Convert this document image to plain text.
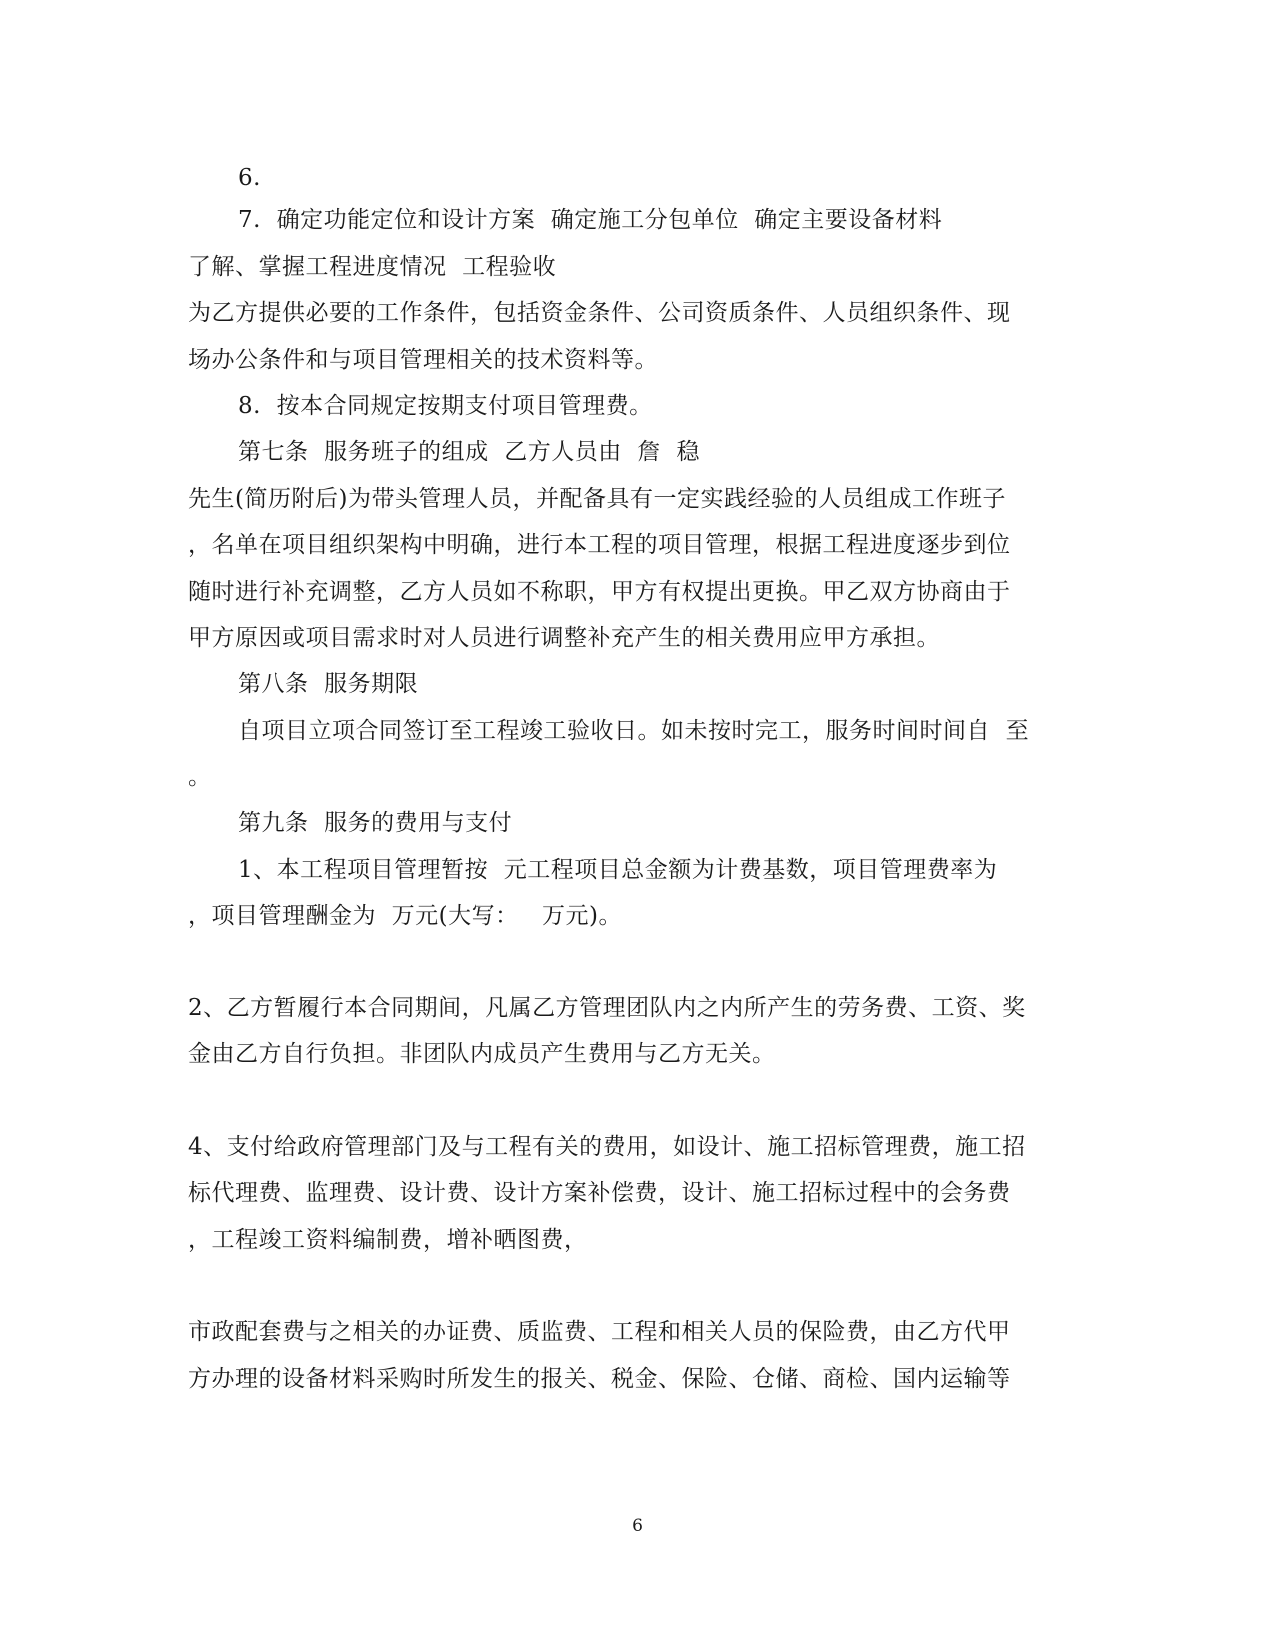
6.
7.  确定功能定位和设计方案  确定施工分包单位  确定主要设备材料
了解、掌握工程进度情况  工程验收
为乙方提供必要的工作条件，包括资金条件、公司资质条件、人员组织条件、现
场办公条件和与项目管理相关的技术资料等。
8.  按本合同规定按期支付项目管理费。
第七条  服务班子的组成  乙方人员由  詹  稳
先生(简历附后)为带头管理人员，并配备具有一定实践经验的人员组成工作班子
，名单在项目组织架构中明确，进行本工程的项目管理，根据工程进度逐步到位
随时进行补充调整，乙方人员如不称职，甲方有权提出更换。甲乙双方协商由于
甲方原因或项目需求时对人员进行调整补充产生的相关费用应甲方承担。
第八条  服务期限
自项目立项合同签订至工程竣工验收日。如未按时完工，服务时间时间自  至
。
第九条  服务的费用与支付
1、本工程项目管理暂按  元工程项目总金额为计费基数，项目管理费率为
，项目管理酬金为  万元(大写：   万元)。
2、乙方暂履行本合同期间，凡属乙方管理团队内之内所产生的劳务费、工资、奖
金由乙方自行负担。非团队内成员产生费用与乙方无关。
4、支付给政府管理部门及与工程有关的费用，如设计、施工招标管理费，施工招
标代理费、监理费、设计费、设计方案补偿费，设计、施工招标过程中的会务费
，工程竣工资料编制费，增补晒图费，
市政配套费与之相关的办证费、质监费、工程和相关人员的保险费，由乙方代甲
方办理的设备材料采购时所发生的报关、税金、保险、仓储、商检、国内运输等
6
